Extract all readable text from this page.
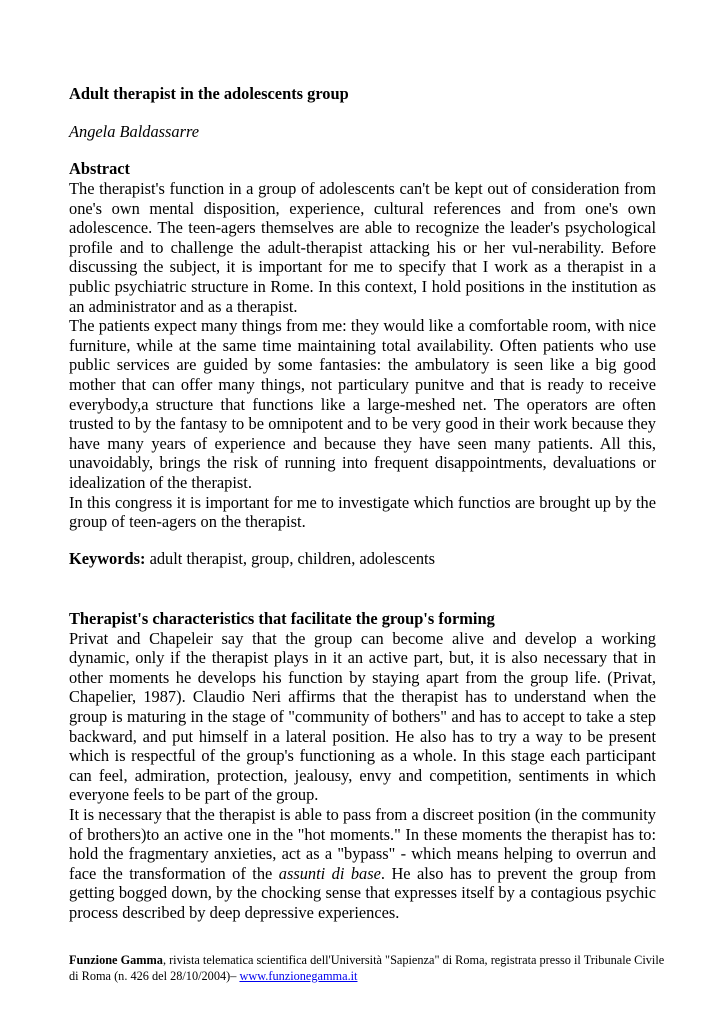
Adult therapist in the adolescents group

Angela Baldassarre

Abstract

The therapist's function in a group of adolescents can't be kept out of consideration from one's own mental disposition, experience, cultural references and from one's own adolescence. The teen-agers themselves are able to recognize the leader's psychological profile and to challenge the adult-therapist attacking his or her vul-nerability. Before discussing the subject, it is important for me to specify that I work as a therapist in a public psychiatric structure in Rome. In this context, I hold positions in the institution as an administrator and as a therapist.

The patients expect many things from me: they would like a comfortable room, with nice furniture, while at the same time maintaining total availability. Often patients who use public services are guided by some fantasies: the ambulatory is seen like a big good mother that can offer many things, not particulary punitve and that is ready to receive everybody,a structure that functions like a large-meshed net. The operators are often trusted to by the fantasy to be omnipotent and to be very good in their work because they have many years of experience and because they have seen many patients. All this, unavoidably, brings the risk of running into frequent disappointments, devaluations or idealization of the therapist.

In this congress it is important for me to investigate which functios are brought up by the group of teen-agers on the therapist.

Keywords: adult therapist, group, children, adolescents

Therapist's characteristics that facilitate the group's forming

Privat and Chapeleir say that the group can become alive and develop a working dynamic, only if the therapist plays in it an active part, but, it is also necessary that in other moments he develops his function by staying apart from the group life. (Privat, Chapelier, 1987). Claudio Neri affirms that the therapist has to understand when the group is maturing in the stage of "community of bothers" and has to accept to take a step backward, and put himself in a lateral position. He also has to try a way to be present which is respectful of the group's functioning as a whole. In this stage each participant can feel, admiration, protection, jealousy, envy and competition, sentiments in which everyone feels to be part of the group.

It is necessary that the therapist is able to pass from a discreet position (in the community of brothers)to an active one in the "hot moments." In these moments the therapist has to: hold the fragmentary anxieties, act as a "bypass" - which means helping to overrun and face the transformation of the assunti di base. He also has to prevent the group from getting bogged down, by the chocking sense that expresses itself by a contagious psychic process described by deep depressive experiences.

Funzione Gamma, rivista telematica scientifica dell'Università "Sapienza" di Roma, registrata presso il Tribunale Civile di Roma (n. 426 del 28/10/2004)– www.funzionegamma.it
